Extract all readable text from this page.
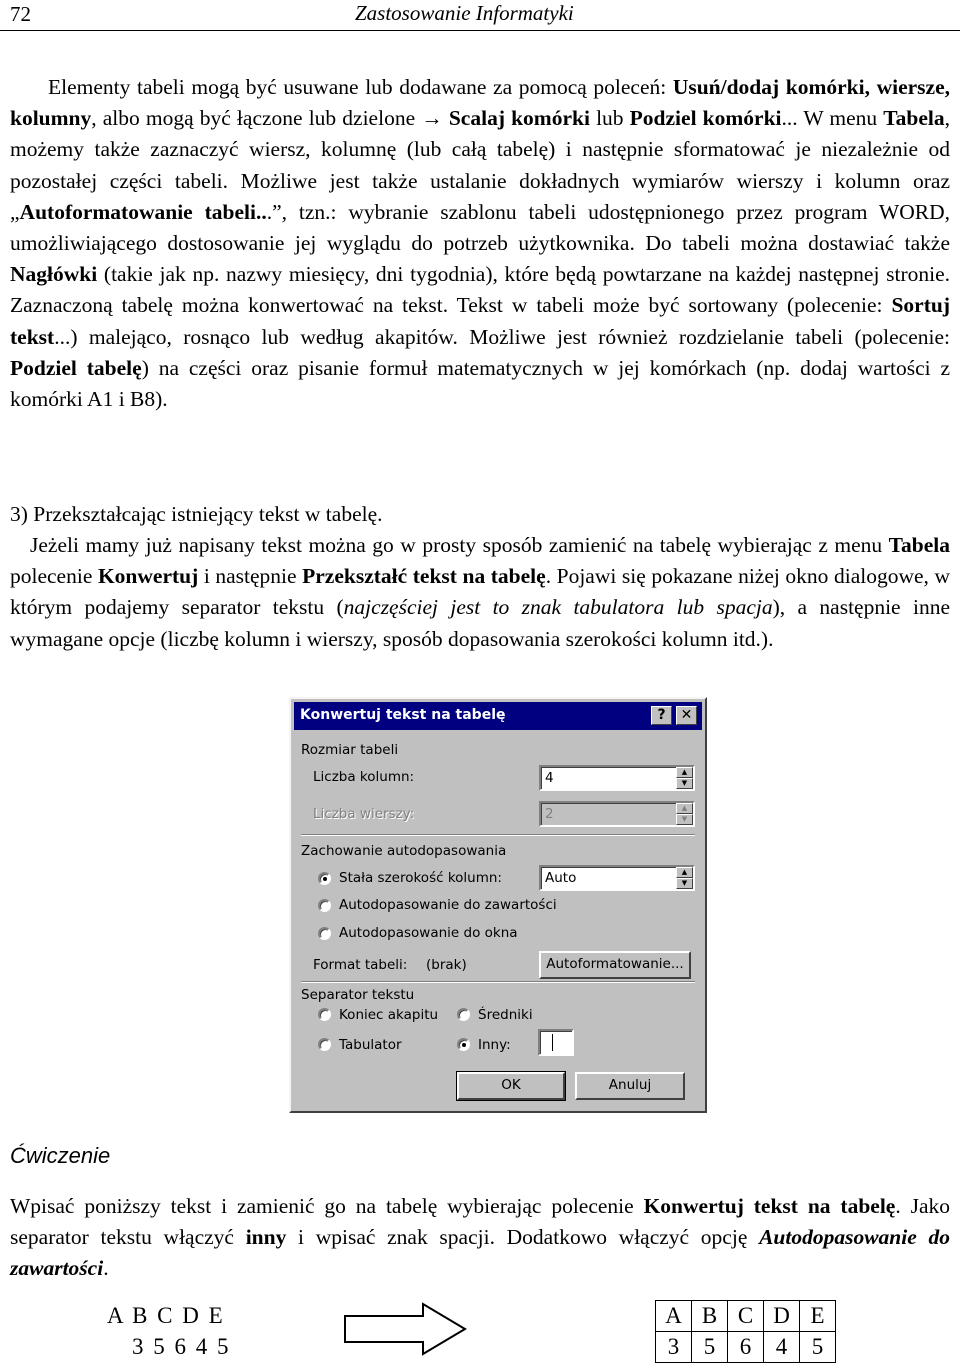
72	Zastosowanie Informatyki
Elementy tabeli mogą być usuwane lub dodawane za pomocą poleceń: Usuń/dodaj komórki, wiersze, kolumny, albo mogą być łączone lub dzielone → Scalaj komórki lub Podziel komórki... W menu Tabela, możemy także zaznaczyć wiersz, kolumnę (lub całą tabelę) i następnie sformatować je niezależnie od pozostałej części tabeli. Możliwe jest także ustalanie dokładnych wymiarów wierszy i kolumn oraz „Autoformatowanie tabeli...”, tzn.: wybranie szablonu tabeli udostępnionego przez program WORD, umożliwiającego dostosowanie jej wyglądu do potrzeb użytkownika. Do tabeli można dostawiać także Nagłówki (takie jak np. nazwy miesięcy, dni tygodnia), które będą powtarzane na każdej następnej stronie. Zaznaczoną tabelę można konwertować na tekst. Tekst w tabeli może być sortowany (polecenie: Sortuj tekst...) malejąco, rosnąco lub według akapitów. Możliwe jest również rozdzielanie tabeli (polecenie: Podziel tabelę) na części oraz pisanie formuł matematycznych w jej komórkach (np. dodaj wartości z komórki A1 i B8).
3) Przekształcając istniejący tekst w tabelę.
Jeżeli mamy już napisany tekst można go w prosty sposób zamienić na tabelę wybierając z menu Tabela polecenie Konwertuj i następnie Przekształć tekst na tabelę. Pojawi się pokazane niżej okno dialogowe, w którym podajemy separator tekstu (najczęściej jest to znak tabulatora lub spacja), a następnie inne wymagane opcje (liczbę kolumn i wierszy, sposób dopasowania szerokości kolumn itd.).
Konwertuj tekst na tabelę	?	✕
Rozmiar tabeli
Liczba kolumn:	4	▲
▼
Liczba wierszy:	2	▲
▼
Zachowanie autodopasowania
Stała szerokość kolumn:	Auto	▲
▼
Autodopasowanie do zawartości
Autodopasowanie do okna
Format tabeli: (brak)	Autoformatowanie...
Separator tekstu
Koniec akapitu	Średniki
Tabulator	Inny:
OK	Anuluj
Ćwiczenie
Wpisać poniższy tekst i zamienić go na tabelę wybierając polecenie Konwertuj tekst na tabelę. Jako separator tekstu włączyć inny i wpisać znak spacji. Dodatkowo włączyć opcję Autodopasowanie do zawartości.
A B C D E
3 5 6 4 5
A	B	C	D	E
3	5	6	4	5
